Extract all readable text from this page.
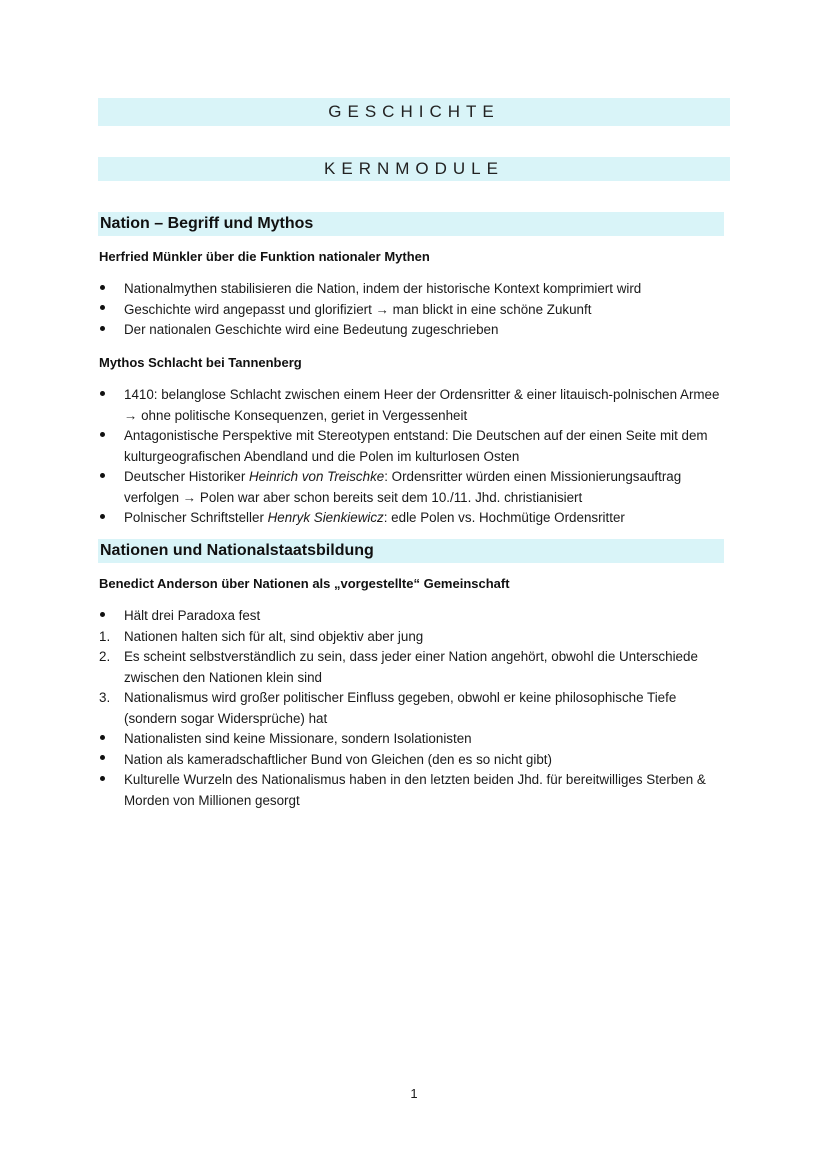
GESCHICHTE
KERNMODULE
Nation – Begriff und Mythos
Herfried Münkler über die Funktion nationaler Mythen
Nationalmythen stabilisieren die Nation, indem der historische Kontext komprimiert wird
Geschichte wird angepasst und glorifiziert → man blickt in eine schöne Zukunft
Der nationalen Geschichte wird eine Bedeutung zugeschrieben
Mythos Schlacht bei Tannenberg
1410: belanglose Schlacht zwischen einem Heer der Ordensritter & einer litauisch-polnischen Armee → ohne politische Konsequenzen, geriet in Vergessenheit
Antagonistische Perspektive mit Stereotypen entstand: Die Deutschen auf der einen Seite mit dem kulturgeografischen Abendland und die Polen im kulturlosen Osten
Deutscher Historiker Heinrich von Treischke: Ordensritter würden einen Missionierungsauftrag verfolgen → Polen war aber schon bereits seit dem 10./11. Jhd. christianisiert
Polnischer Schriftsteller Henryk Sienkiewicz: edle Polen vs. Hochmütige Ordensritter
Nationen und Nationalstaatsbildung
Benedict Anderson über Nationen als „vorgestellte“ Gemeinschaft
Hält drei Paradoxa fest
1.	Nationen halten sich für alt, sind objektiv aber jung
2.	Es scheint selbstverständlich zu sein, dass jeder einer Nation angehört, obwohl die Unterschiede zwischen den Nationen klein sind
3.	Nationalismus wird großer politischer Einfluss gegeben, obwohl er keine philosophische Tiefe (sondern sogar Widersprüche) hat
Nationalisten sind keine Missionare, sondern Isolationisten
Nation als kameradschaftlicher Bund von Gleichen (den es so nicht gibt)
Kulturelle Wurzeln des Nationalismus haben in den letzten beiden Jhd. für bereitwilliges Sterben & Morden von Millionen gesorgt
1
